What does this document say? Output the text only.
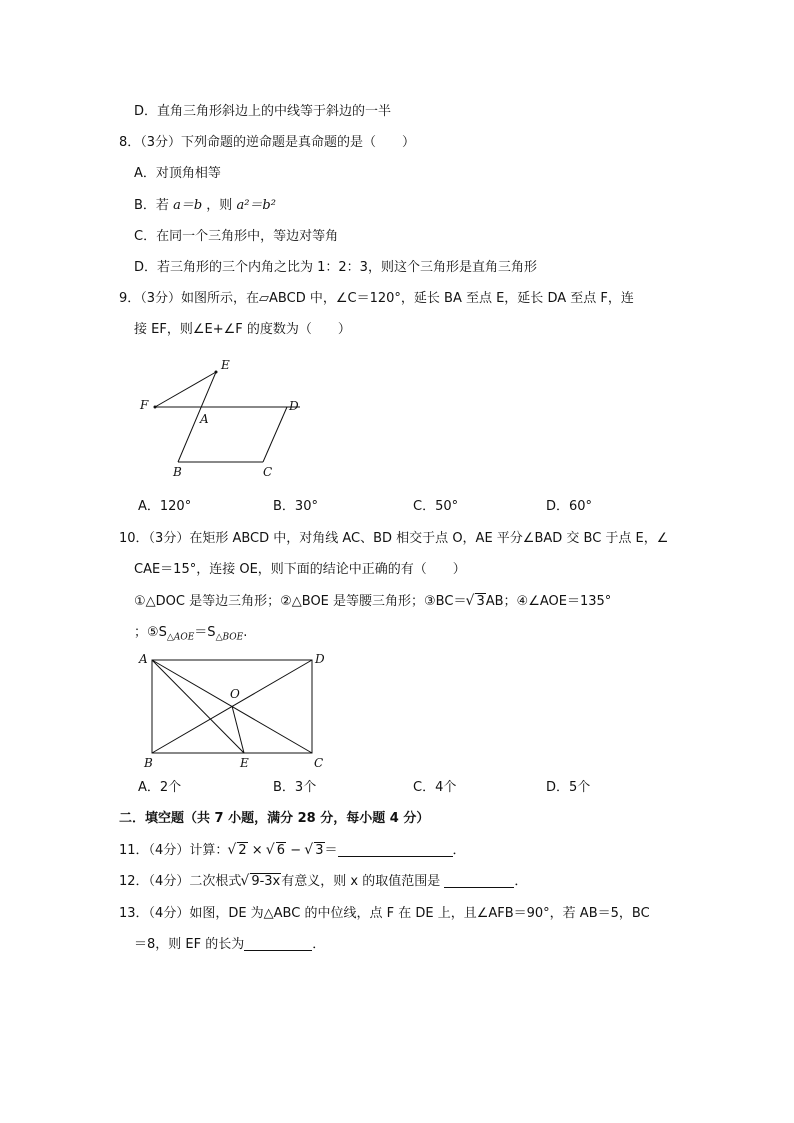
D．直角三角形斜边上的中线等于斜边的一半
8．（3分）下列命题的逆命题是真命题的是（　　）
A．对顶角相等
B．若 a＝b ，则 a²＝b²
C．在同一个三角形中，等边对等角
D．若三角形的三个内角之比为 1：2：3，则这个三角形是直角三角形
9．（3分）如图所示，在▱ABCD 中，∠C＝120°，延长 BA 至点 E，延长 DA 至点 F，连
接 EF，则∠E+∠F 的度数为（　　）
E
F
A
D
B	C
A．120°	B．30°	C．50°	D．60°
10．（3分）在矩形 ABCD 中，对角线 AC、BD 相交于点 O，AE 平分∠BAD 交 BC 于点 E，∠
CAE＝15°，连接 OE，则下面的结论中正确的有（　　）
①△DOC 是等边三角形；②△BOE 是等腰三角形；③BC＝ √ 3AB；④∠AOE＝135°
；$⑤S_{\triangle AOE}=S_{\triangle BOE}$.
A	D
O
B	E	C
A．2个	B．3个	C．4个	D．5个
二．填空题（共 7 小题，满分 28 分，每小题 4 分）
11．（4分）计算： √ 2 × √ 6 − √ 3＝	．
12．（4分）二次根式 √ 9-3x有意义，则 x 的取值范围是	．
13．（4分）如图，DE 为△ABC 的中位线，点 F 在 DE 上，且∠AFB＝90°，若 AB＝5，BC
＝8，则 EF 的长为	．
